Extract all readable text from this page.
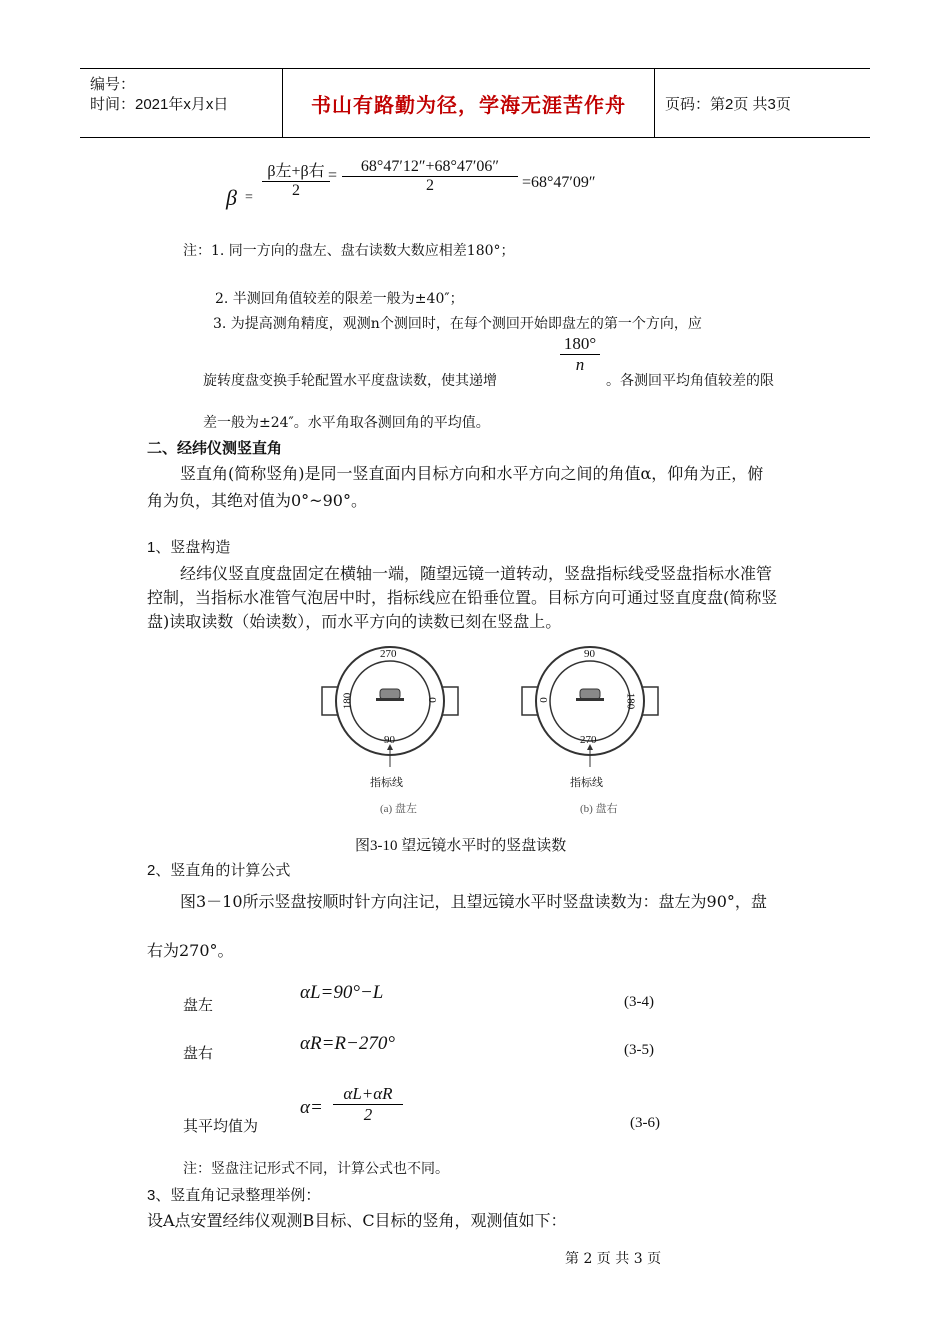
编号：
时间：2021年x月x日	书山有路勤为径，学海无涯苦作舟	页码：第2页 共3页
$\beta = \frac{\text{β左+β右}}{2}$
= $\frac{68^\circ 47'12''+68^\circ 47'06''}{2} =68^\circ 47'09''$
注：1. 同一方向的盘左、盘右读数大数应相差180°；
2. 半测回角值较差的限差一般为±40″；
3. 为提高测角精度，观测n个测回时，在每个测回开始即盘左的第一个方向，应
$\frac{180^\circ}{n}$
旋转度盘变换手轮配置水平度盘读数，使其递增	。各测回平均角值较差的限
差一般为±24″。水平角取各测回角的平均值。
二、经纬仪测竖直角
竖直角(简称竖角)是同一竖直面内目标方向和水平方向之间的角值α，仰角为正，俯
角为负，其绝对值为0°~90°。
1、竖盘构造
经纬仪竖直度盘固定在横轴一端，随望远镜一道转动，竖盘指标线受竖盘指标水准管
控制，当指标水准管气泡居中时，指标线应在铅垂位置。目标方向可通过竖直度盘(简称竖
盘)读取读数（始读数），而水平方向的读数已刻在竖盘上。
270
90
180	0
指标线
(a) 盘左
90
270
0	180
指标线
(b) 盘右
图3-10 望远镜水平时的竖盘读数
2、竖直角的计算公式
图3－10所示竖盘按顺时针方向注记，且望远镜水平时竖盘读数为：盘左为90°，盘
右为270°。
盘左
αL=90°−L	(3-4)
盘右	αR=R−270°	(3-5)
其平均值为
$\alpha= \frac{\alpha L+\alpha R}{2}$	(3-6)
注：竖盘注记形式不同，计算公式也不同。
3、竖直角记录整理举例：
设A点安置经纬仪观测B目标、C目标的竖角，观测值如下：
第 2 页 共 3 页
